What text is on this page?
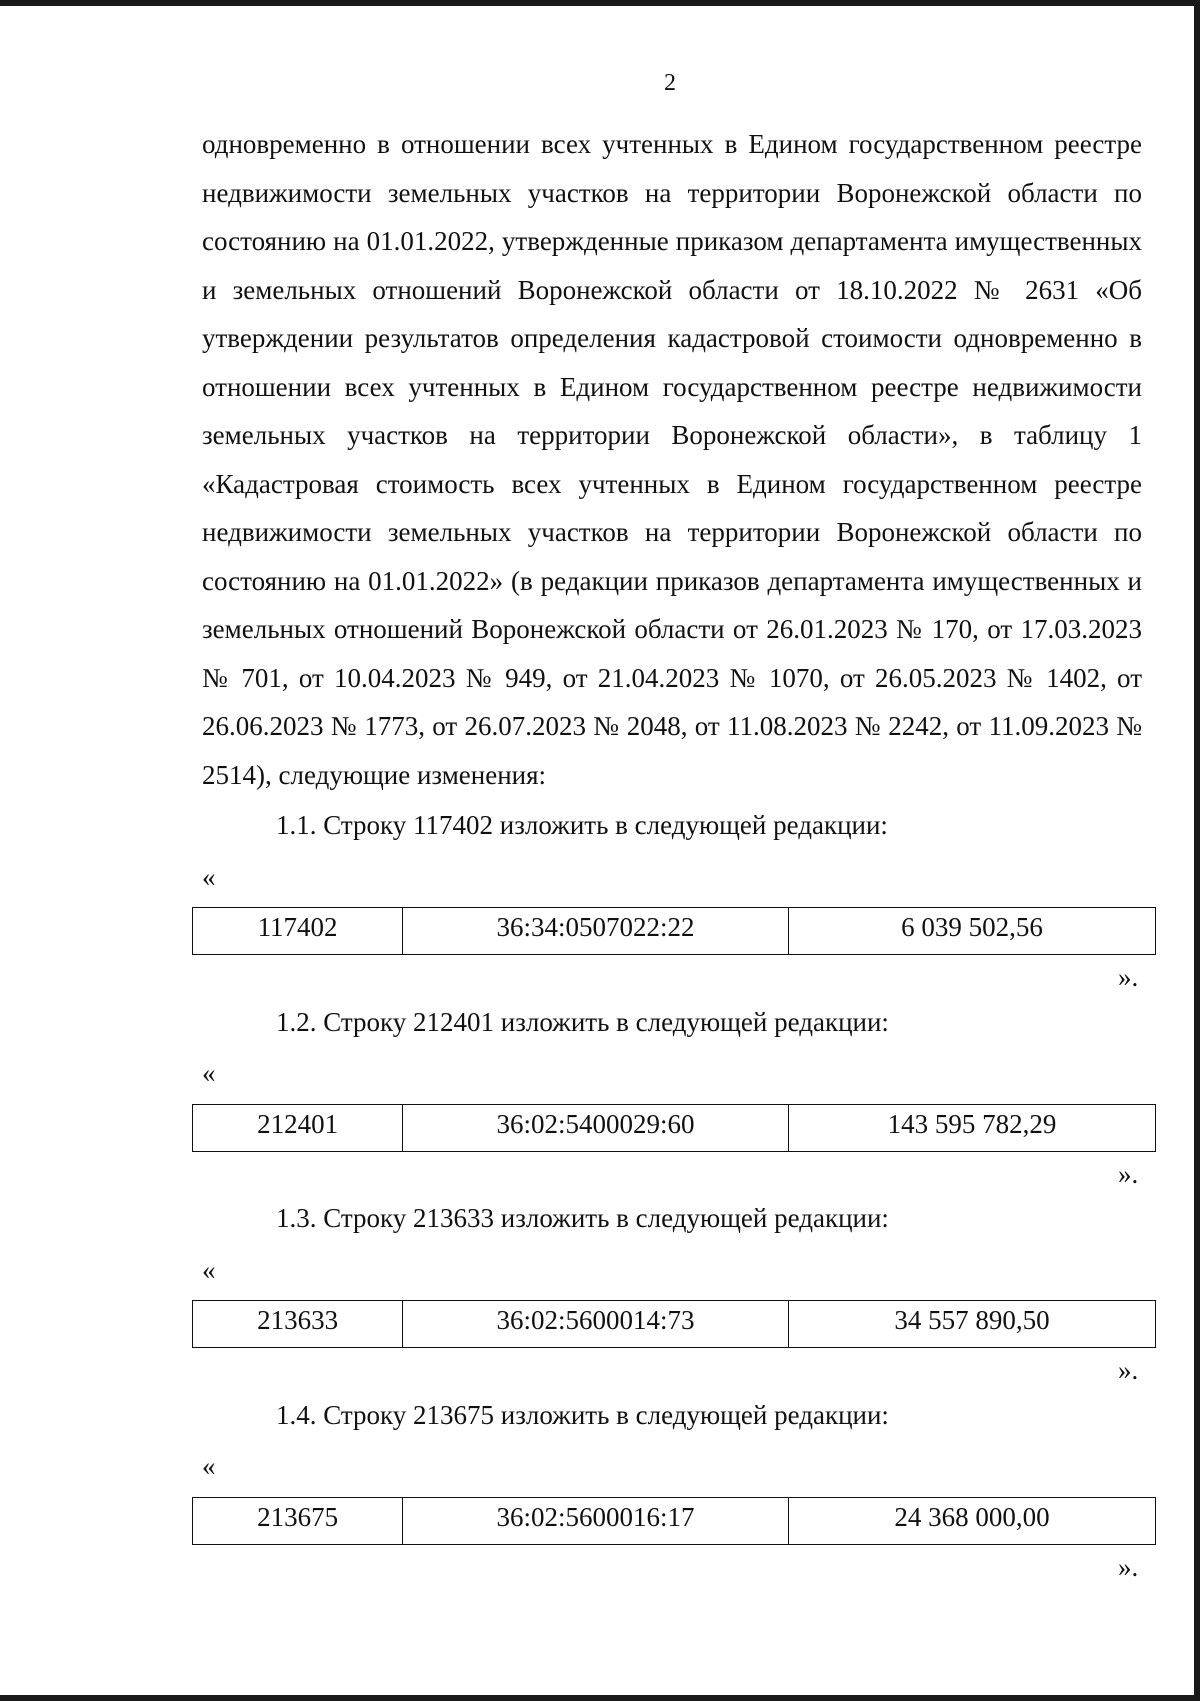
2

одновременно в отношении всех учтенных в Едином государственном реестре недвижимости земельных участков на территории Воронежской области по состоянию на 01.01.2022, утвержденные приказом департамента имущественных и земельных отношений Воронежской области от 18.10.2022 № 2631 «Об утверждении результатов определения кадастровой стоимости одновременно в отношении всех учтенных в Едином государственном реестре недвижимости земельных участков на территории Воронежской области», в таблицу 1 «Кадастровая стоимость всех учтенных в Едином государственном реестре недвижимости земельных участков на территории Воронежской области по состоянию на 01.01.2022» (в редакции приказов департамента имущественных и земельных отношений Воронежской области от 26.01.2023 № 170, от 17.03.2023 № 701, от 10.04.2023 № 949, от 21.04.2023 № 1070, от 26.05.2023 № 1402, от 26.06.2023 № 1773, от 26.07.2023 № 2048, от 11.08.2023 № 2242, от 11.09.2023 № 2514), следующие изменения:

1.1. Строку 117402 изложить в следующей редакции:
«
117402	36:34:0507022:22	6 039 502,56
».
1.2. Строку 212401 изложить в следующей редакции:
«
212401	36:02:5400029:60	143 595 782,29
».
1.3. Строку 213633 изложить в следующей редакции:
«
213633	36:02:5600014:73	34 557 890,50
».
1.4. Строку 213675 изложить в следующей редакции:
«
213675	36:02:5600016:17	24 368 000,00
».
